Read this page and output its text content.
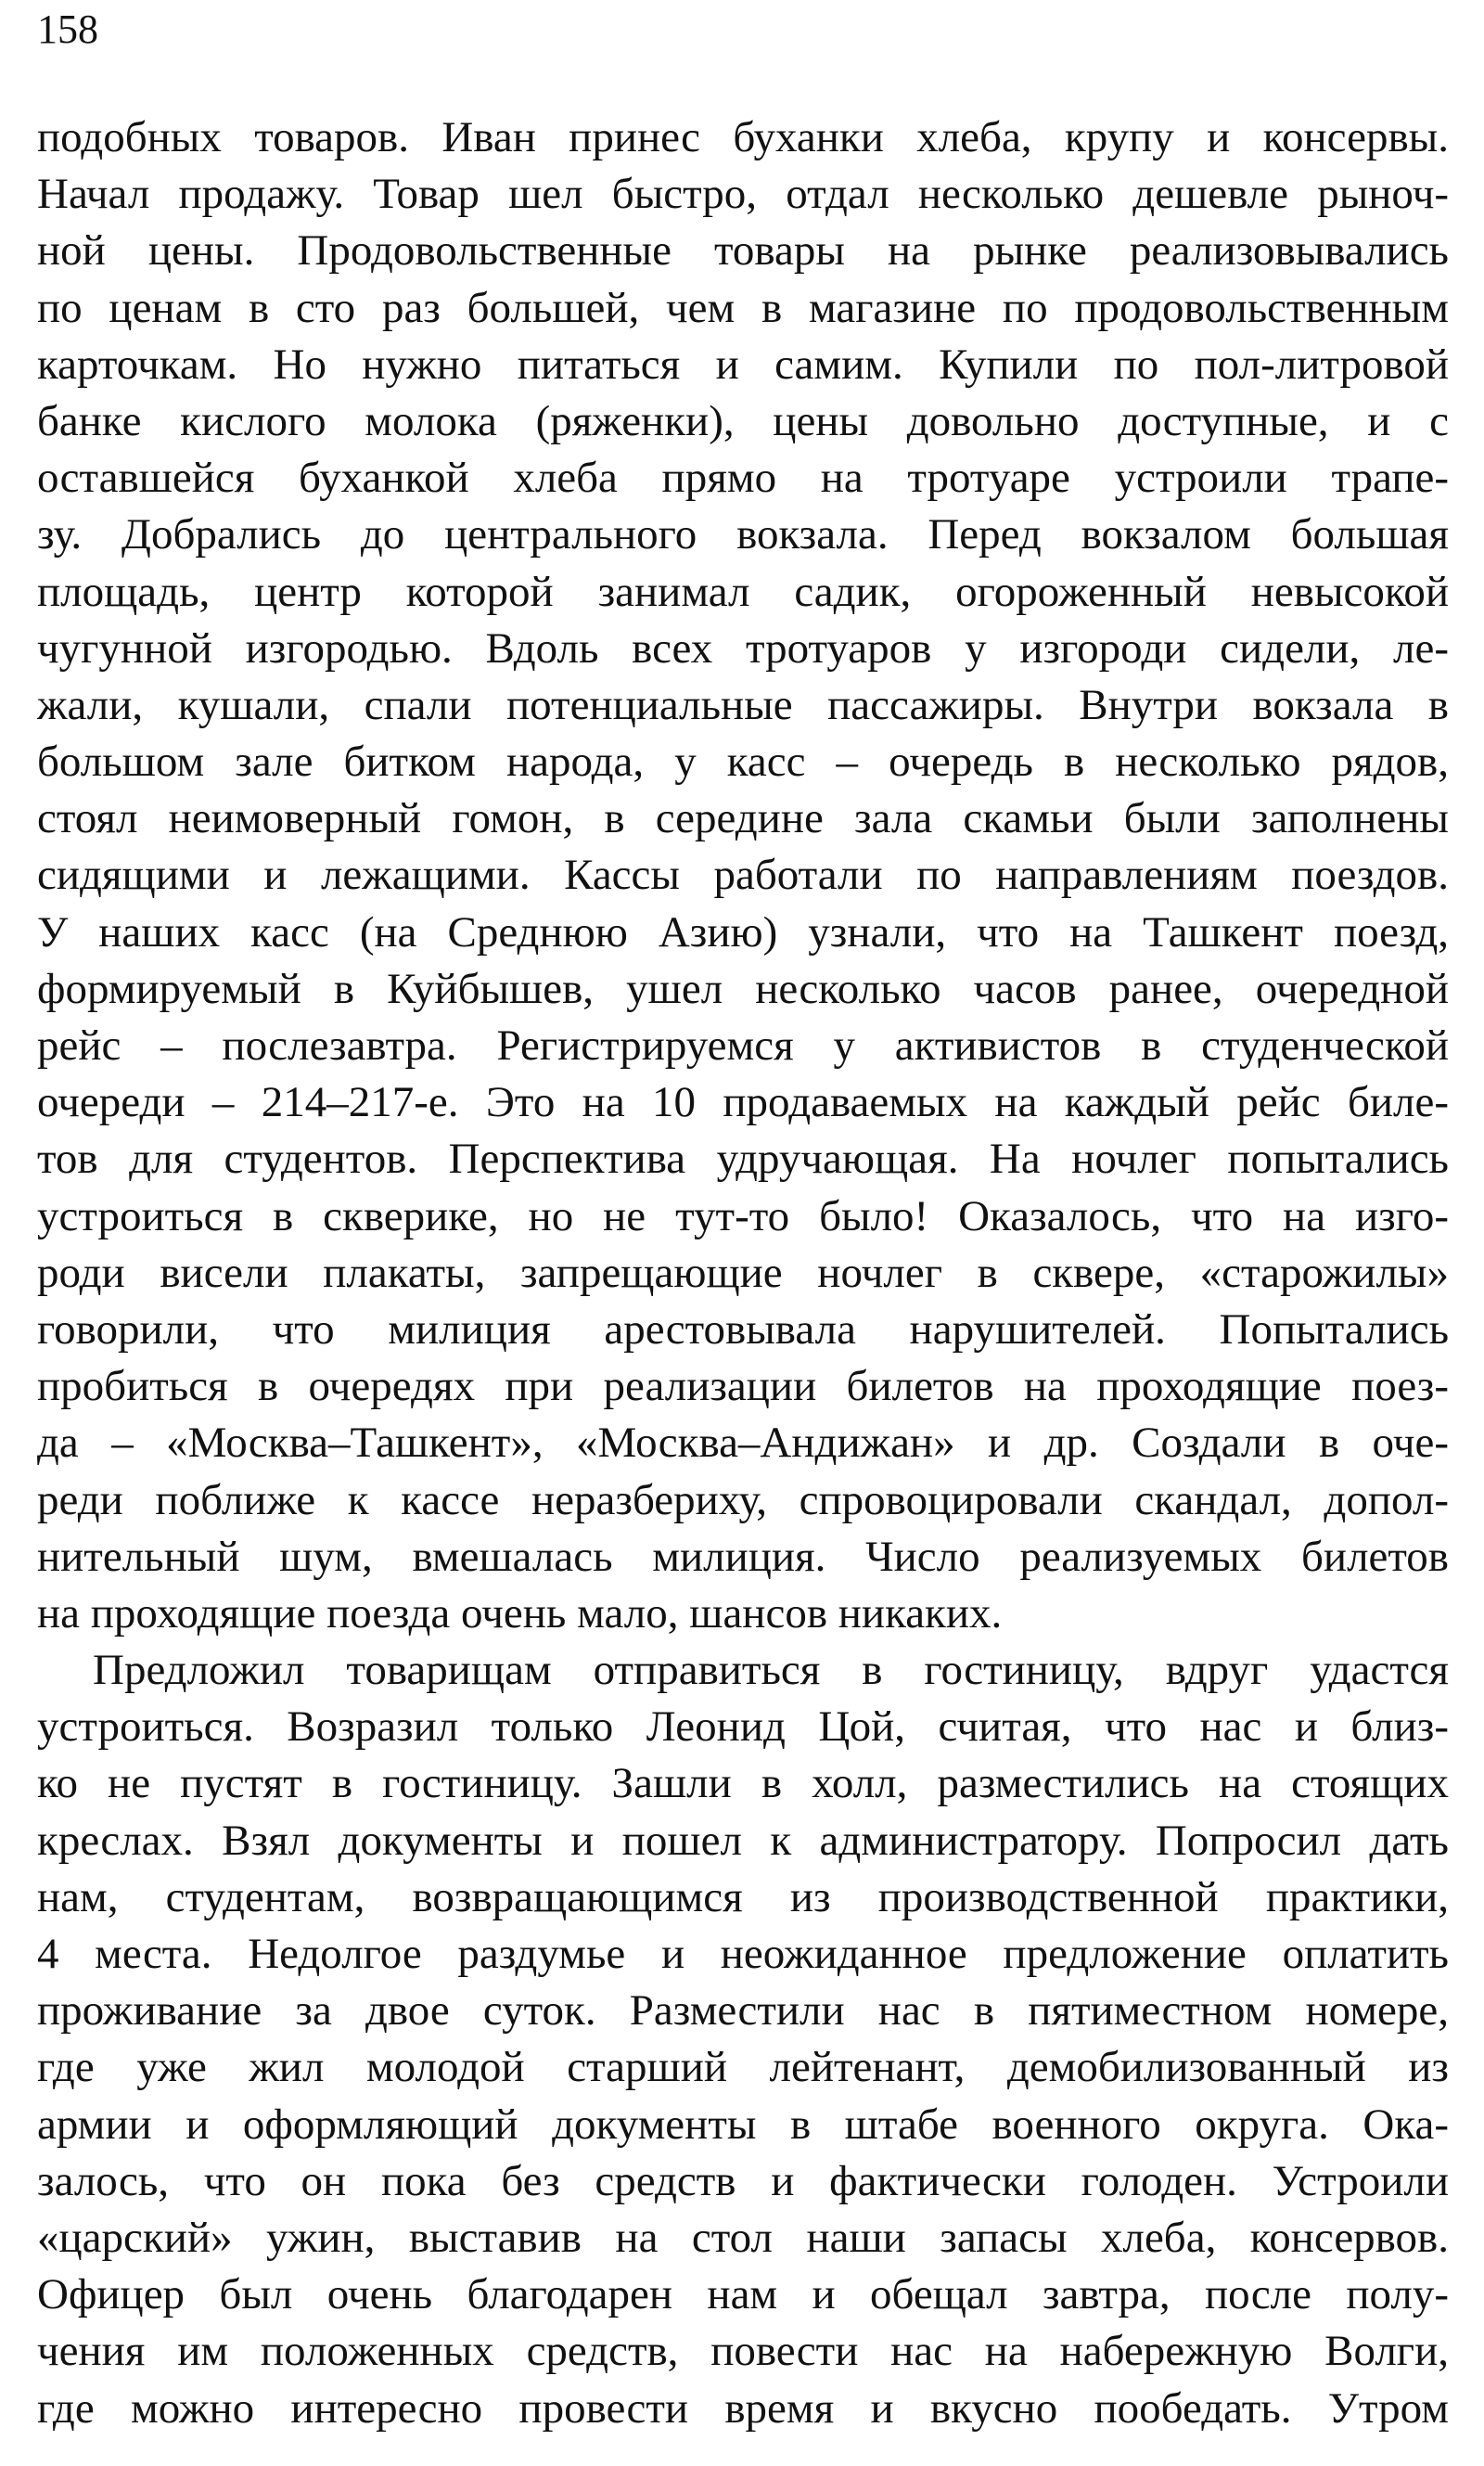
158
подобных товаров. Иван принес буханки хлеба, крупу и консервы.
Начал продажу. Товар шел быстро, отдал несколько дешевле рыноч-
ной цены. Продовольственные товары на рынке реализовывались
по ценам в сто раз большей, чем в магазине по продовольственным
карточкам. Но нужно питаться и самим. Купили по пол-литровой
банке кислого молока (ряженки), цены довольно доступные, и с
оставшейся буханкой хлеба прямо на тротуаре устроили трапе-
зу. Добрались до центрального вокзала. Перед вокзалом большая
площадь, центр которой занимал садик, огороженный невысокой
чугунной изгородью. Вдоль всех тротуаров у изгороди сидели, ле-
жали, кушали, спали потенциальные пассажиры. Внутри вокзала в
большом зале битком народа, у касс – очередь в несколько рядов,
стоял неимоверный гомон, в середине зала скамьи были заполнены
сидящими и лежащими. Кассы работали по направлениям поездов.
У наших касс (на Среднюю Азию) узнали, что на Ташкент поезд,
формируемый в Куйбышев, ушел несколько часов ранее, очередной
рейс – послезавтра. Регистрируемся у активистов в студенческой
очереди – 214–217-е. Это на 10 продаваемых на каждый рейс биле-
тов для студентов. Перспектива удручающая. На ночлег попытались
устроиться в скверике, но не тут-то было! Оказалось, что на изго-
роди висели плакаты, запрещающие ночлег в сквере, «старожилы»
говорили, что милиция арестовывала нарушителей. Попытались
пробиться в очередях при реализации билетов на проходящие поез-
да – «Москва–Ташкент», «Москва–Андижан» и др. Создали в оче-
реди поближе к кассе неразбериху, спровоцировали скандал, допол-
нительный шум, вмешалась милиция. Число реализуемых билетов
на проходящие поезда очень мало, шансов никаких.
Предложил товарищам отправиться в гостиницу, вдруг удастся
устроиться. Возразил только Леонид Цой, считая, что нас и близ-
ко не пустят в гостиницу. Зашли в холл, разместились на стоящих
креслах. Взял документы и пошел к администратору. Попросил дать
нам, студентам, возвращающимся из производственной практики,
4 места. Недолгое раздумье и неожиданное предложение оплатить
проживание за двое суток. Разместили нас в пятиместном номере,
где уже жил молодой старший лейтенант, демобилизованный из
армии и оформляющий документы в штабе военного округа. Ока-
залось, что он пока без средств и фактически голоден. Устроили
«царский» ужин, выставив на стол наши запасы хлеба, консервов.
Офицер был очень благодарен нам и обещал завтра, после полу-
чения им положенных средств, повести нас на набережную Волги,
где можно интересно провести время и вкусно пообедать. Утром
